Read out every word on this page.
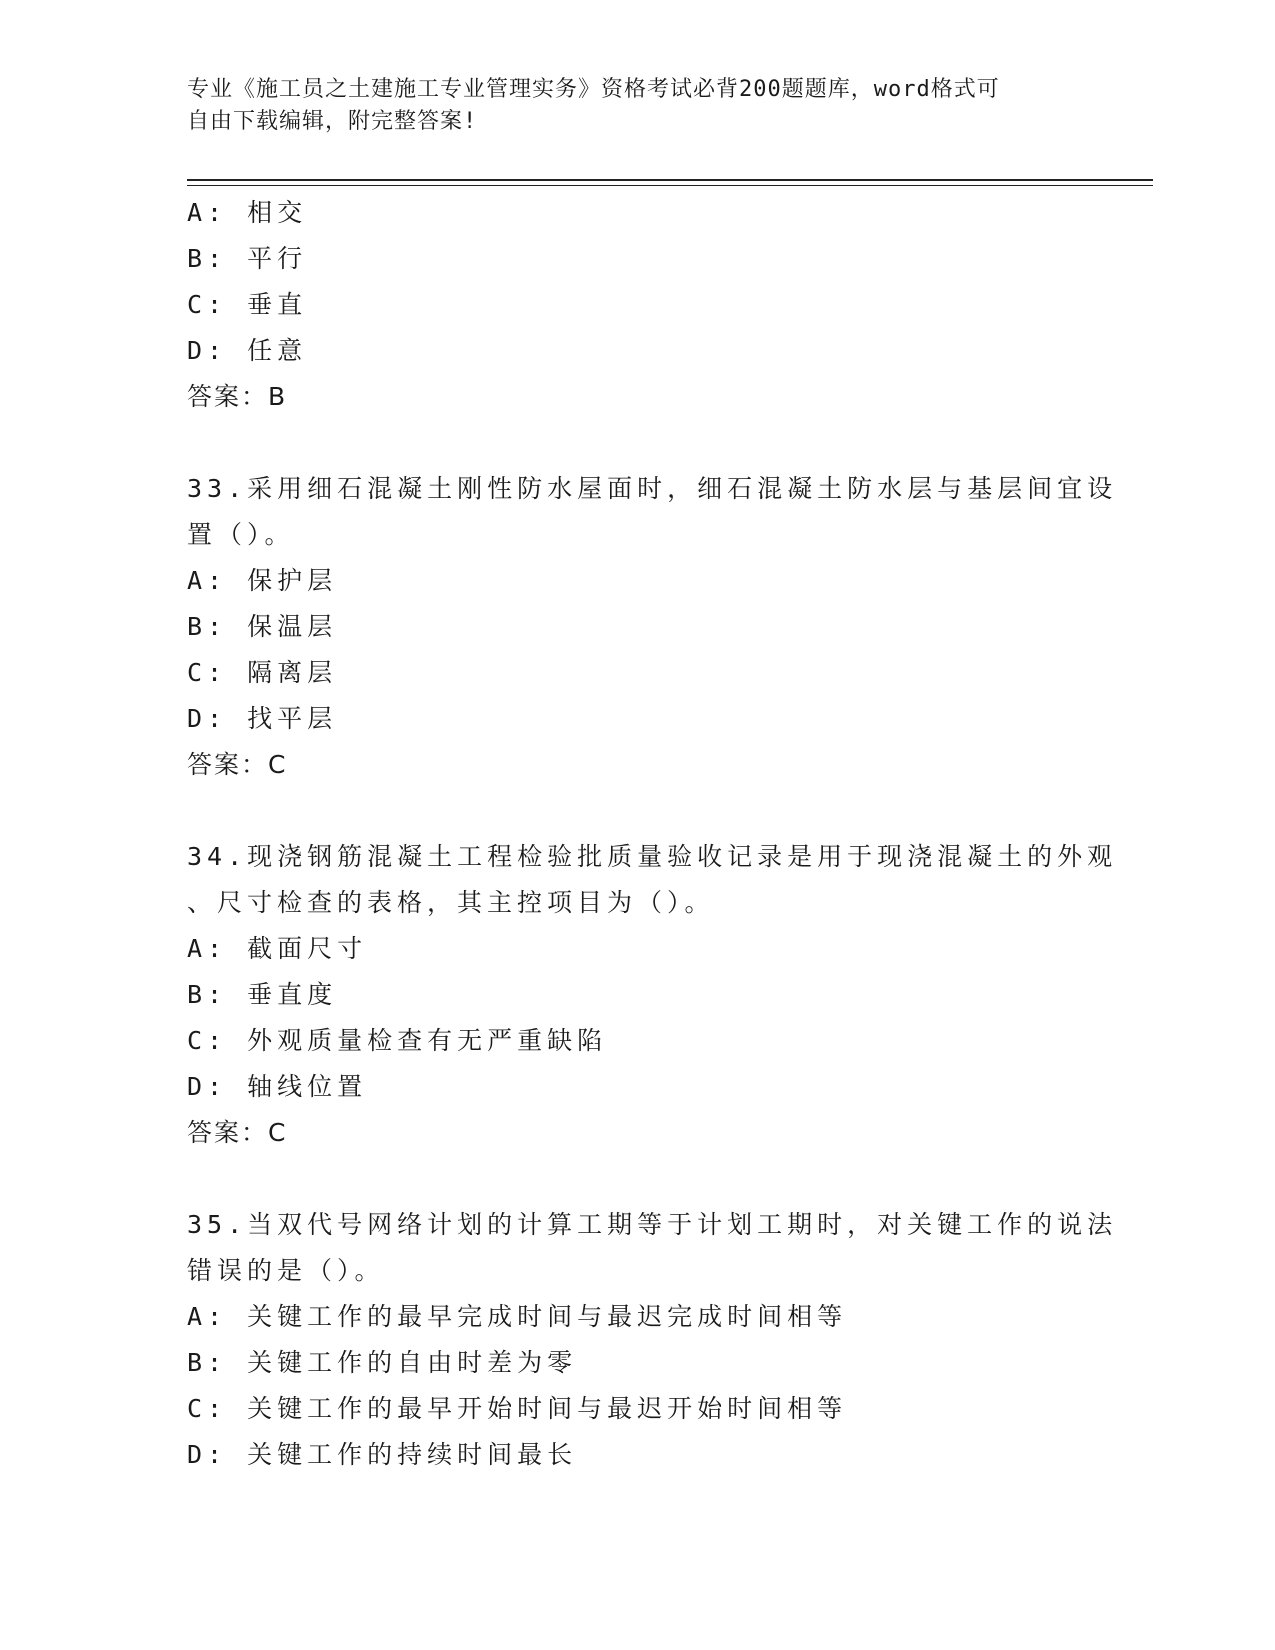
专业《施工员之土建施工专业管理实务》资格考试必背200题题库，word格式可
自由下载编辑，附完整答案!
A: 相交
B: 平行
C: 垂直
D: 任意
答案：B
33.采用细石混凝土刚性防水屋面时，细石混凝土防水层与基层间宜设
置（）。
A: 保护层
B: 保温层
C: 隔离层
D: 找平层
答案：C
34.现浇钢筋混凝土工程检验批质量验收记录是用于现浇混凝土的外观
、尺寸检查的表格，其主控项目为（）。
A: 截面尺寸
B: 垂直度
C: 外观质量检查有无严重缺陷
D: 轴线位置
答案：C
35.当双代号网络计划的计算工期等于计划工期时，对关键工作的说法
错误的是（）。
A: 关键工作的最早完成时间与最迟完成时间相等
B: 关键工作的自由时差为零
C: 关键工作的最早开始时间与最迟开始时间相等
D: 关键工作的持续时间最长
